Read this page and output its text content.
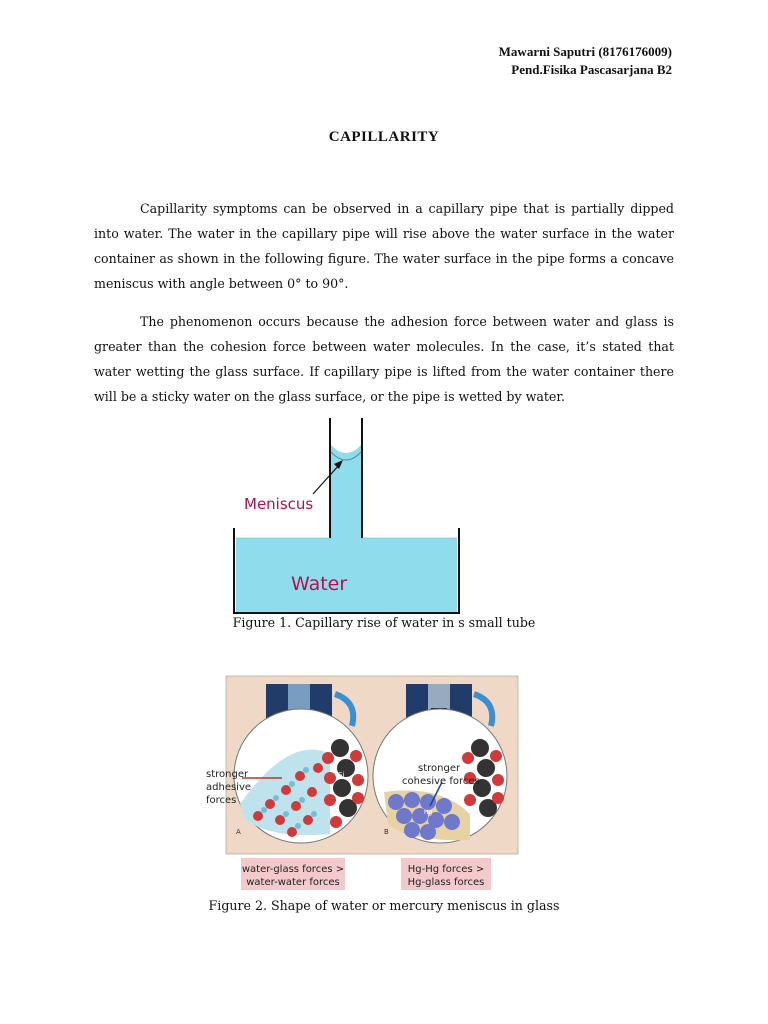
Mawarni Saputri (8176176009)
Pend.Fisika Pascasarjana B2
CAPILLARITY

Capillarity symptoms can be observed in a capillary pipe that is partially dipped into water. The water in the capillary pipe will rise above the water surface in the water container as shown in the following figure. The water surface in the pipe forms a concave meniscus with angle between 0° to 90°.

The phenomenon occurs because the adhesion force between water and glass is greater than the cohesion force between water molecules. In the case, it’s stated that water wetting the glass surface. If capillary pipe is lifted from the water container there will be a sticky water on the glass surface, or the pipe is wetted by water.

Meniscus
Water
Figure 1. Capillary rise of water in s small tube
Si
A
Hg
B
stronger
adhesive
forces
stronger
cohesive forces
water-glass forces >
water-water forces
Hg-Hg forces >
Hg-glass forces
Figure 2. Shape of water or mercury meniscus in glass
